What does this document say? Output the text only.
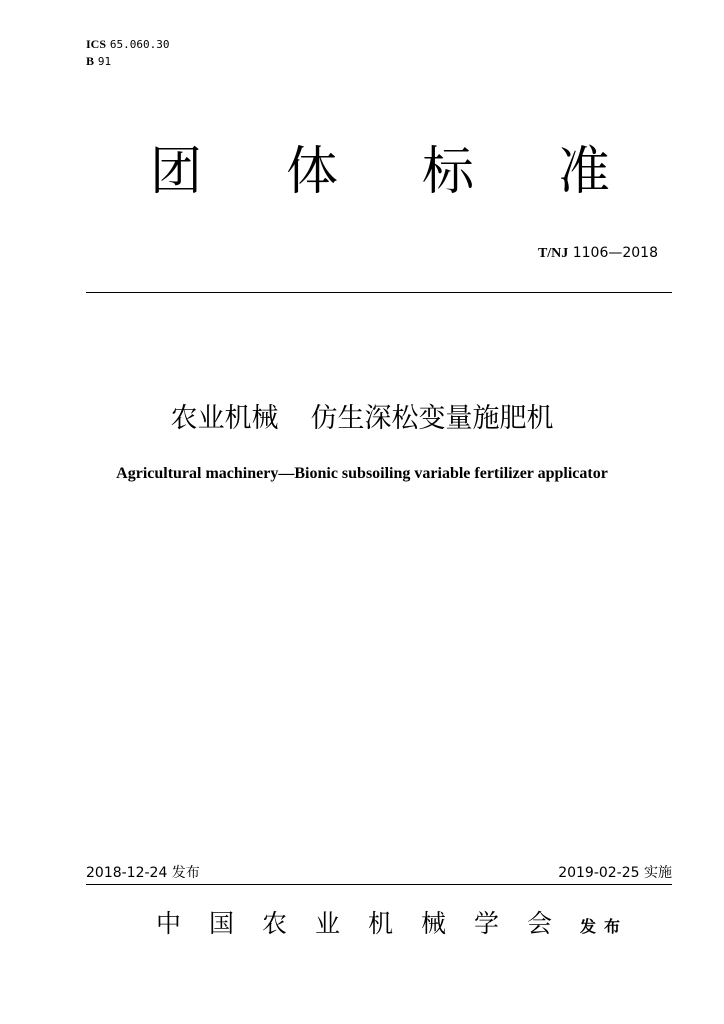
ICS 65.060.30
B 91
团 体 标 准
T/NJ 1106—2018
农业机械 仿生深松变量施肥机
Agricultural machinery—Bionic subsoiling variable fertilizer applicator
2018-12-24 发布	2019-02-25 实施
中国农业机械学会发布
